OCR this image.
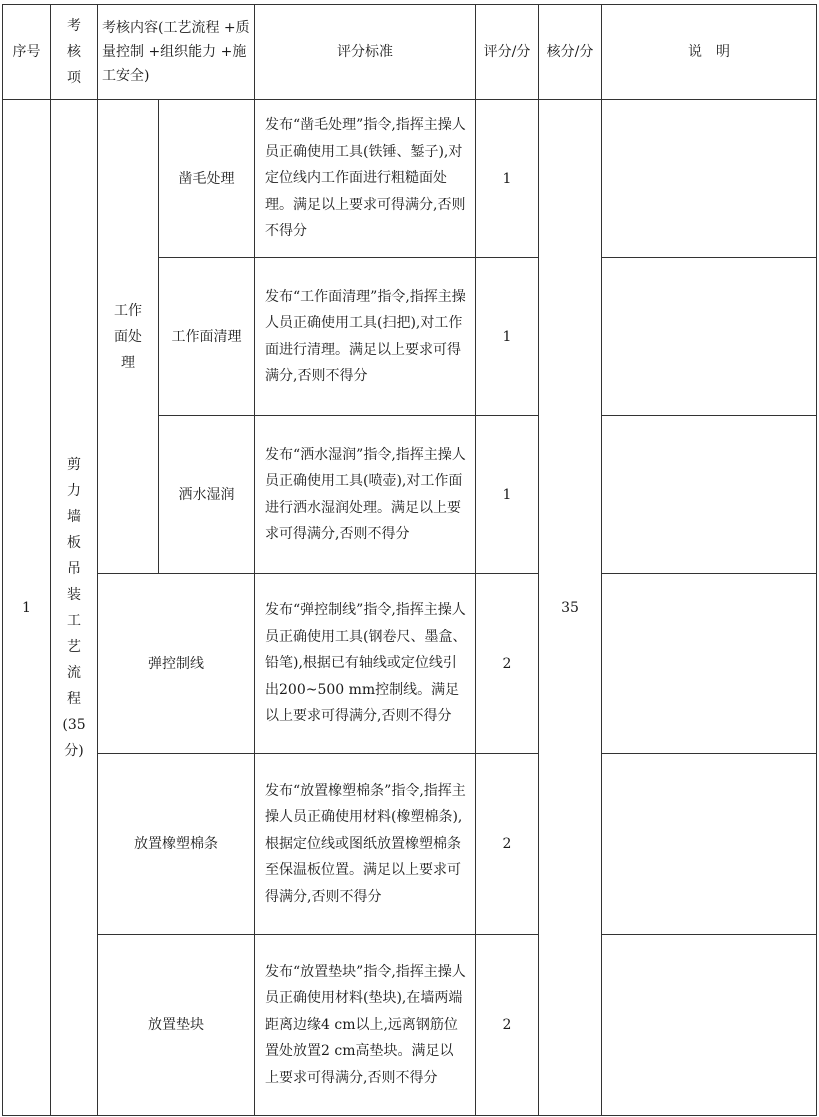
序号	考核项	考核内容(工艺流程 +质量控制 +组织能力 +施工安全)		评分标准	评分/分	核分/分	说　明
1	剪力墙板吊装工艺流程(35分)	工作面处理	凿毛处理	发布“凿毛处理”指令,指挥主操人员正确使用工具(铁锤、錾子),对定位线内工作面进行粗糙面处理。满足以上要求可得满分,否则不得分	1	35	
			工作面清理	发布“工作面清理”指令,指挥主操人员正确使用工具(扫把),对工作面进行清理。满足以上要求可得满分,否则不得分	1		
			洒水湿润	发布“洒水湿润”指令,指挥主操人员正确使用工具(喷壶),对工作面进行洒水湿润处理。满足以上要求可得满分,否则不得分	1		
		弹控制线		发布“弹控制线”指令,指挥主操人员正确使用工具(钢卷尺、墨盒、铅笔),根据已有轴线或定位线引出200~500 mm控制线。满足以上要求可得满分,否则不得分	2		
		放置橡塑棉条		发布“放置橡塑棉条”指令,指挥主操人员正确使用材料(橡塑棉条),根据定位线或图纸放置橡塑棉条至保温板位置。满足以上要求可得满分,否则不得分	2		
		放置垫块		发布“放置垫块”指令,指挥主操人员正确使用材料(垫块),在墙两端距离边缘4 cm以上,远离钢筋位置处放置2 cm高垫块。满足以上要求可得满分,否则不得分	2		
